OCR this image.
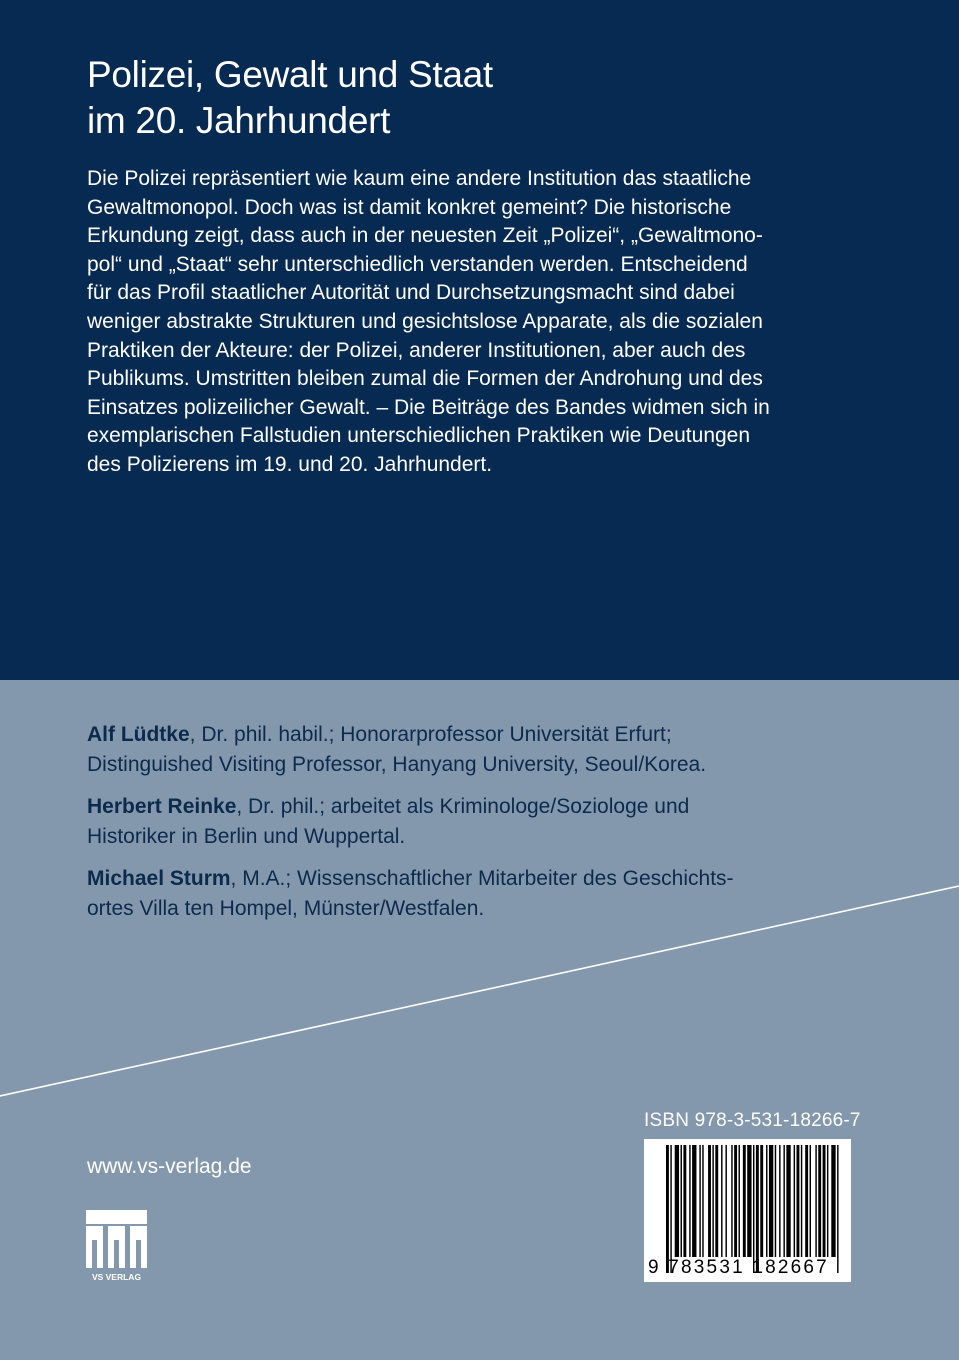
Polizei, Gewalt und Staat
im 20. Jahrhundert

Die Polizei repräsentiert wie kaum eine andere Institution das staatliche
Gewaltmonopol. Doch was ist damit konkret gemeint? Die historische
Erkundung zeigt, dass auch in der neuesten Zeit „Polizei“, „Gewaltmono-
pol“ und „Staat“ sehr unterschiedlich verstanden werden. Entscheidend
für das Profil staatlicher Autorität und Durchsetzungsmacht sind dabei
weniger abstrakte Strukturen und gesichtslose Apparate, als die sozialen
Praktiken der Akteure: der Polizei, anderer Institutionen, aber auch des
Publikums. Umstritten bleiben zumal die Formen der Androhung und des
Einsatzes polizeilicher Gewalt. – Die Beiträge des Bandes widmen sich in
exemplarischen Fallstudien unterschiedlichen Praktiken wie Deutungen
des Polizierens im 19. und 20. Jahrhundert.

Alf Lüdtke, Dr. phil. habil.; Honorarprofessor Universität Erfurt;
Distinguished Visiting Professor, Hanyang University, Seoul/Korea.
Herbert Reinke, Dr. phil.; arbeitet als Kriminologe/Soziologe und
Historiker in Berlin und Wuppertal.
Michael Sturm, M.A.; Wissenschaftlicher Mitarbeiter des Geschichts-
ortes Villa ten Hompel, Münster/Westfalen.
www.vs-verlag.de
VS VERLAG
ISBN 978-3-531-18266-7
9 783531 182667
